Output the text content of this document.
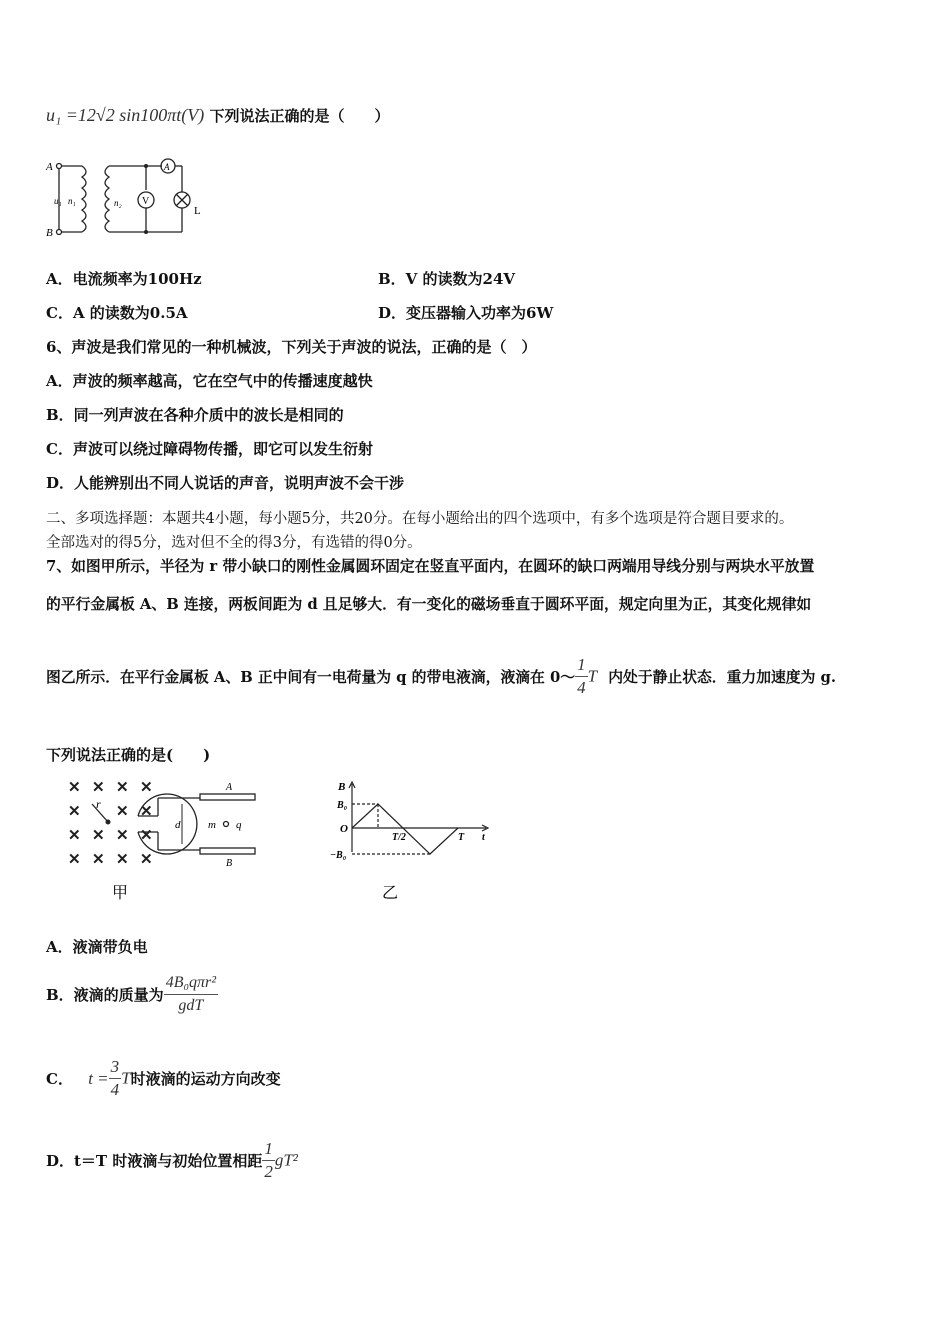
u₁ =12√2 sin100πt(V) 下列说法正确的是（　　）
A
B
u₁ n₁	n₂ V
A
L
A．电流频率为100Hz	B．V 的读数为24V
C．A 的读数为0.5A	D．变压器输入功率为6W
6、声波是我们常见的一种机械波，下列关于声波的说法，正确的是（　）
A．声波的频率越高，它在空气中的传播速度越快
B．同一列声波在各种介质中的波长是相同的
C．声波可以绕过障碍物传播，即它可以发生衍射
D．人能辨别出不同人说话的声音，说明声波不会干涉
二、多项选择题：本题共4小题，每小题5分，共20分。在每小题给出的四个选项中，有多个选项是符合题目要求的。
全部选对的得5分，选对但不全的得3分，有选错的得0分。
7、如图甲所示，半径为 r 带小缺口的刚性金属圆环固定在竖直平面内，在圆环的缺口两端用导线分别与两块水平放置
的平行金属板 A、B 连接，两板间距为 d 且足够大．有一变化的磁场垂直于圆环平面，规定向里为正，其变化规律如
图乙所示．在平行金属板 A、B 正中间有一电荷量为 q 的带电液滴，液滴在 0～ $\frac{1}{4}$ T 内处于静止状态．重力加速度为 g.
下列说法正确的是(　　)
✕ ✕ ✕ ✕
✕ ✕ ✕
✕ ✕ ✕ ✕
✕ ✕ ✕ ✕
r
d	m q
A
B
甲
B
B₀
O
−B₀
T/2	T t
乙
A．液滴带负电
B．液滴的质量为 $\frac{\text{4B₀qπr²}}{\text{gdT}}$
C． $t = \frac{3}{4}$ T时液滴的运动方向改变
D．t＝T 时液滴与初始位置相距 $\frac{1}{2} gT^2$
